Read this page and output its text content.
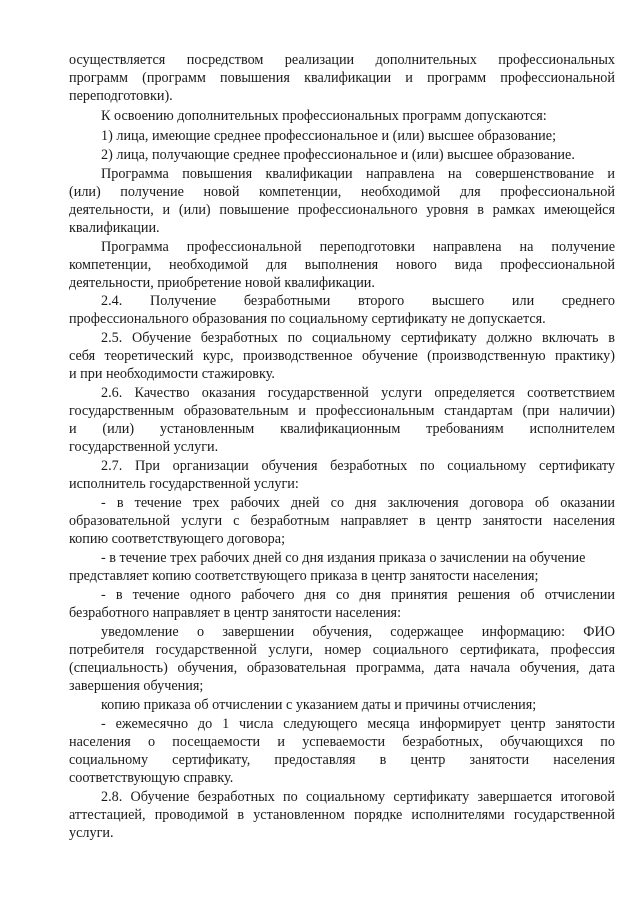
осуществляется посредством реализации дополнительных профессиональных
программ (программ повышения квалификации и программ профессиональной
переподготовки).
К освоению дополнительных профессиональных программ допускаются:
1) лица, имеющие среднее профессиональное и (или) высшее образование;
2) лица, получающие среднее профессиональное и (или) высшее образование.
Программа повышения квалификации направлена на совершенствование и
(или) получение новой компетенции, необходимой для профессиональной
деятельности, и (или) повышение профессионального уровня в рамках имеющейся
квалификации.
Программа профессиональной переподготовки направлена на получение
компетенции, необходимой для выполнения нового вида профессиональной
деятельности, приобретение новой квалификации.
2.4. Получение безработными второго высшего или среднего
профессионального образования по социальному сертификату не допускается.
2.5. Обучение безработных по социальному сертификату должно включать в
себя теоретический курс, производственное обучение (производственную практику)
и при необходимости стажировку.
2.6. Качество оказания государственной услуги определяется соответствием
государственным образовательным и профессиональным стандартам (при наличии)
и (или) установленным квалификационным требованиям исполнителем
государственной услуги.
2.7. При организации обучения безработных по социальному сертификату
исполнитель государственной услуги:
- в течение трех рабочих дней со дня заключения договора об оказании
образовательной услуги с безработным направляет в центр занятости населения
копию соответствующего договора;
- в течение трех рабочих дней со дня издания приказа о зачислении на обучение
представляет копию соответствующего приказа в центр занятости населения;
- в течение одного рабочего дня со дня принятия решения об отчислении
безработного направляет в центр занятости населения:
уведомление о завершении обучения, содержащее информацию: ФИО
потребителя государственной услуги, номер социального сертификата, профессия
(специальность) обучения, образовательная программа, дата начала обучения, дата
завершения обучения;
копию приказа об отчислении с указанием даты и причины отчисления;
- ежемесячно до 1 числа следующего месяца информирует центр занятости
населения о посещаемости и успеваемости безработных, обучающихся по
социальному сертификату, предоставляя в центр занятости населения
соответствующую справку.
2.8. Обучение безработных по социальному сертификату завершается итоговой
аттестацией, проводимой в установленном порядке исполнителями государственной
услуги.
